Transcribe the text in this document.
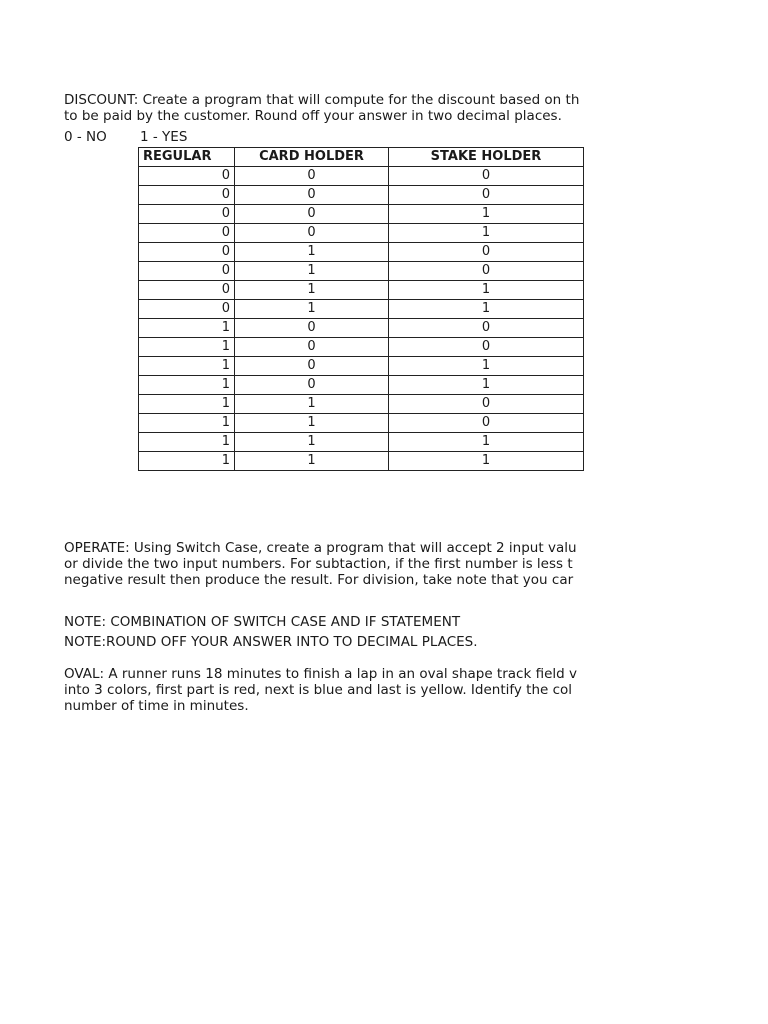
DISCOUNT: Create a program that will compute for the discount based on th
to be paid by the customer. Round off your answer in two decimal places.
0 - NO 1 - YES
REGULAR	CARD HOLDER	STAKE HOLDER
0	0	0
0	0	0
0	0	1
0	0	1
0	1	0
0	1	0
0	1	1
0	1	1
1	0	0
1	0	0
1	0	1
1	0	1
1	1	0
1	1	0
1	1	1
1	1	1
OPERATE: Using Switch Case, create a program that will accept 2 input valu
or divide the two input numbers. For subtaction, if the first number is less t
negative result then produce the result. For division, take note that you car
NOTE: COMBINATION OF SWITCH CASE AND IF STATEMENT
NOTE:ROUND OFF YOUR ANSWER INTO TO DECIMAL PLACES.
OVAL: A runner runs 18 minutes to finish a lap in an oval shape track field v
into 3 colors, first part is red, next is blue and last is yellow. Identify the col
number of time in minutes.
